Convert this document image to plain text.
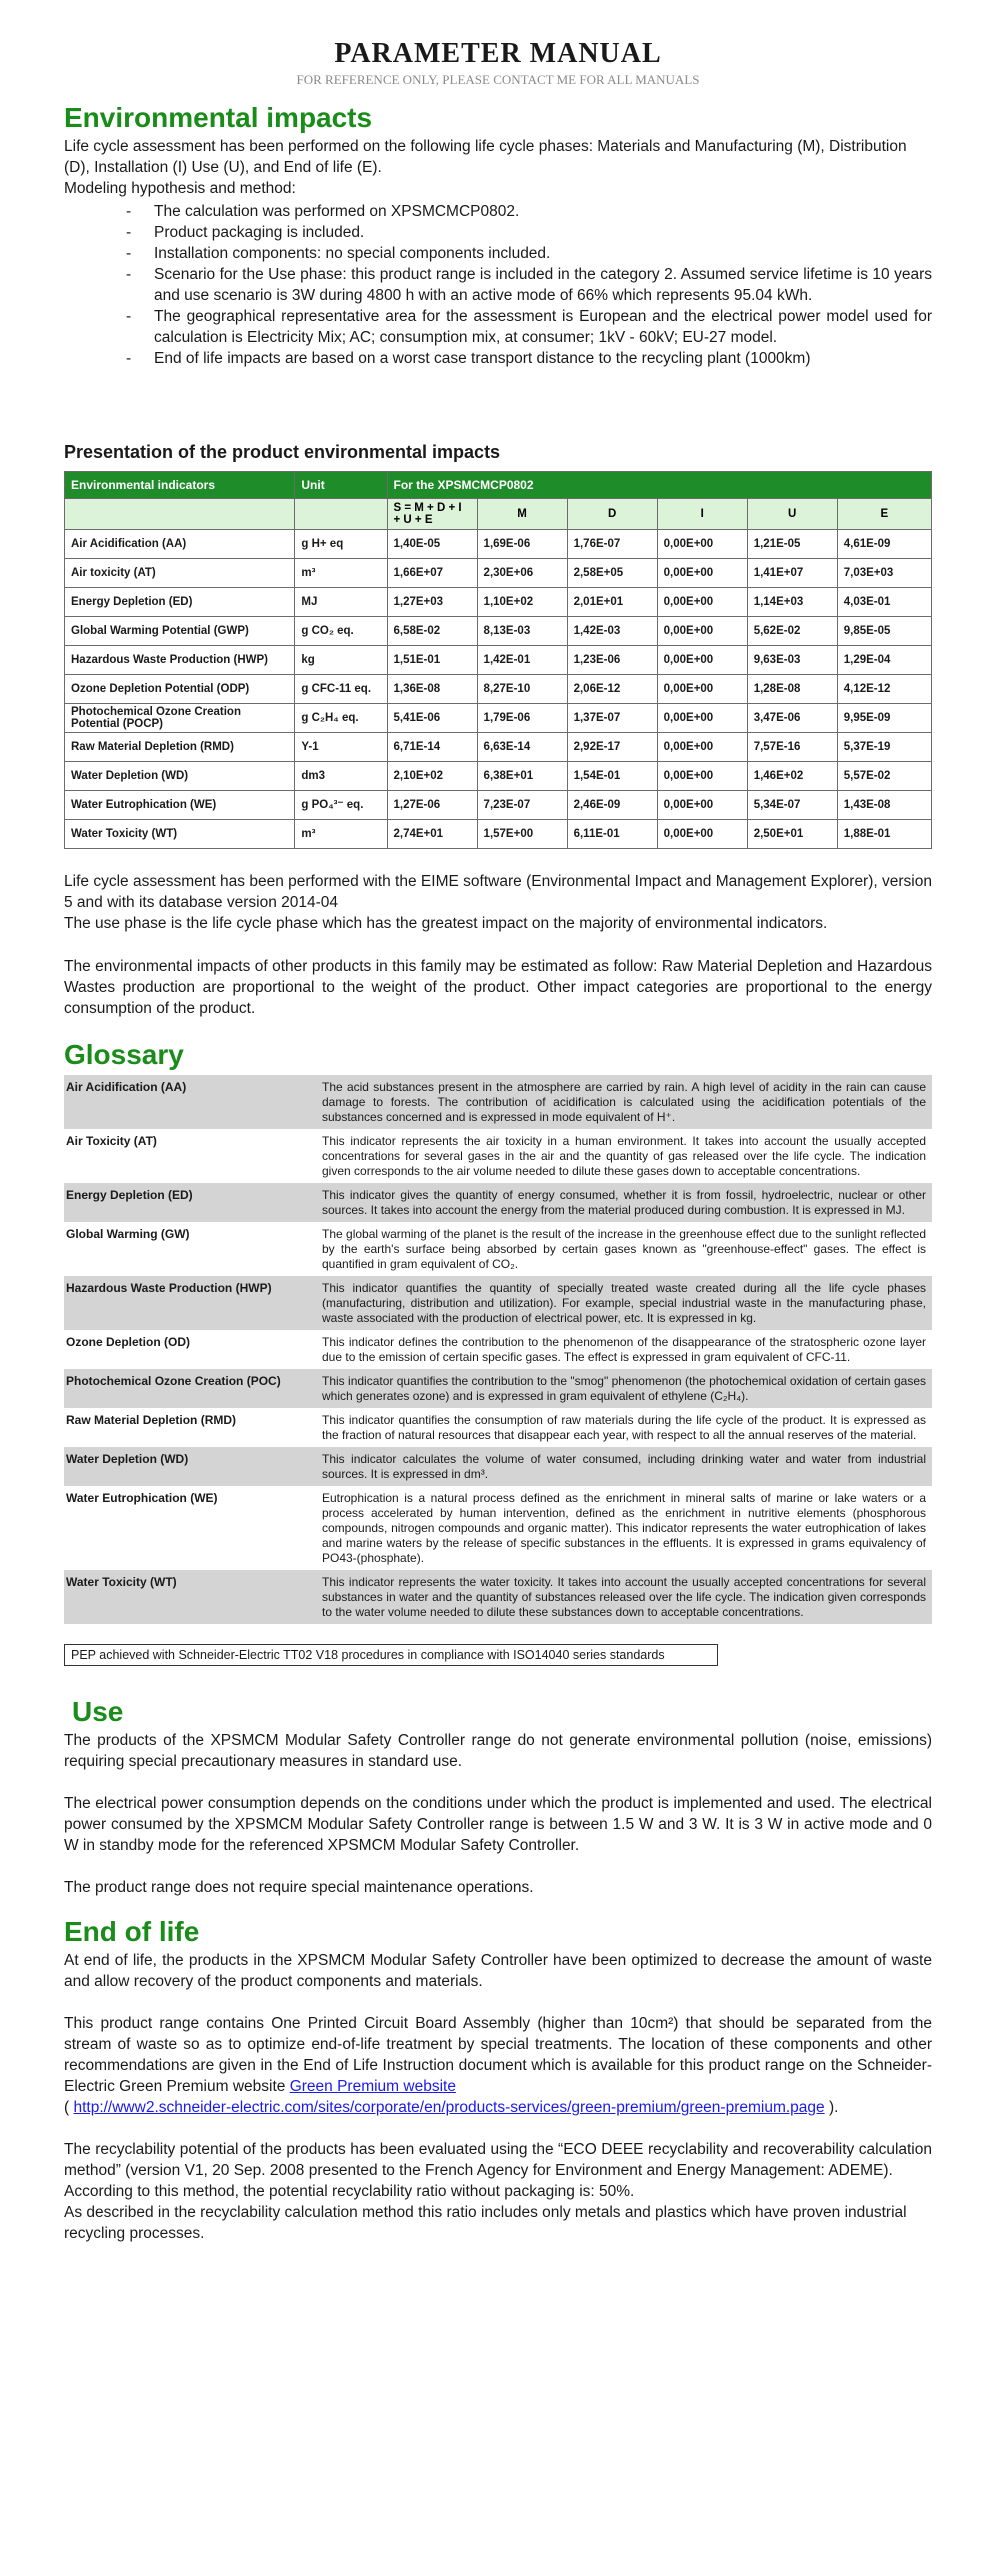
PARAMETER MANUAL
FOR REFERENCE ONLY, PLEASE CONTACT ME FOR ALL MANUALS
Environmental impacts

Life cycle assessment has been performed on the following life cycle phases: Materials and Manufacturing (M), Distribution (D), Installation (I) Use (U), and End of life (E).

Modeling hypothesis and method:

- The calculation was performed on XPSMCMCP0802.
- Product packaging is included.
- Installation components: no special components included.
- Scenario for the Use phase: this product range is included in the category 2. Assumed service lifetime is 10 years and use scenario is 3W during 4800 h with an active mode of 66% which represents 95.04 kWh.
- The geographical representative area for the assessment is European and the electrical power model used for calculation is Electricity Mix; AC; consumption mix, at consumer; 1kV - 60kV; EU-27 model.
- End of life impacts are based on a worst case transport distance to the recycling plant (1000km)
Presentation of the product environmental impacts
Environmental indicators	Unit	For the XPSMCMCP0802					
		S = M + D + I + U + E	M	D	I	U	E
Air Acidification (AA)	g H+ eq	1,40E-05	1,69E-06	1,76E-07	0,00E+00	1,21E-05	4,61E-09
Air toxicity (AT)	m³	1,66E+07	2,30E+06	2,58E+05	0,00E+00	1,41E+07	7,03E+03
Energy Depletion (ED)	MJ	1,27E+03	1,10E+02	2,01E+01	0,00E+00	1,14E+03	4,03E-01
Global Warming Potential (GWP)	g CO₂ eq.	6,58E-02	8,13E-03	1,42E-03	0,00E+00	5,62E-02	9,85E-05
Hazardous Waste Production (HWP)	kg	1,51E-01	1,42E-01	1,23E-06	0,00E+00	9,63E-03	1,29E-04
Ozone Depletion Potential (ODP)	g CFC-11 eq.	1,36E-08	8,27E-10	2,06E-12	0,00E+00	1,28E-08	4,12E-12
Photochemical Ozone Creation Potential (POCP)	g C₂H₄ eq.	5,41E-06	1,79E-06	1,37E-07	0,00E+00	3,47E-06	9,95E-09
Raw Material Depletion (RMD)	Y-1	6,71E-14	6,63E-14	2,92E-17	0,00E+00	7,57E-16	5,37E-19
Water Depletion (WD)	dm3	2,10E+02	6,38E+01	1,54E-01	0,00E+00	1,46E+02	5,57E-02
Water Eutrophication (WE)	g PO₄³⁻ eq.	1,27E-06	7,23E-07	2,46E-09	0,00E+00	5,34E-07	1,43E-08
Water Toxicity (WT)	m³	2,74E+01	1,57E+00	6,11E-01	0,00E+00	2,50E+01	1,88E-01

Life cycle assessment has been performed with the EIME software (Environmental Impact and Management Explorer), version 5 and with its database version 2014-04

The use phase is the life cycle phase which has the greatest impact on the majority of environmental indicators.

The environmental impacts of other products in this family may be estimated as follow: Raw Material Depletion and Hazardous Wastes production are proportional to the weight of the product. Other impact categories are proportional to the energy consumption of the product.

Glossary
Air Acidification (AA)	The acid substances present in the atmosphere are carried by rain. A high level of acidity in the rain can cause damage to forests. The contribution of acidification is calculated using the acidification potentials of the substances concerned and is expressed in mode equivalent of H⁺.
Air Toxicity (AT)	This indicator represents the air toxicity in a human environment. It takes into account the usually accepted concentrations for several gases in the air and the quantity of gas released over the life cycle. The indication given corresponds to the air volume needed to dilute these gases down to acceptable concentrations.
Energy Depletion (ED)	This indicator gives the quantity of energy consumed, whether it is from fossil, hydroelectric, nuclear or other sources. It takes into account the energy from the material produced during combustion. It is expressed in MJ.
Global Warming (GW)	The global warming of the planet is the result of the increase in the greenhouse effect due to the sunlight reflected by the earth's surface being absorbed by certain gases known as "greenhouse-effect" gases. The effect is quantified in gram equivalent of CO₂.
Hazardous Waste Production (HWP)	This indicator quantifies the quantity of specially treated waste created during all the life cycle phases (manufacturing, distribution and utilization). For example, special industrial waste in the manufacturing phase, waste associated with the production of electrical power, etc. It is expressed in kg.
Ozone Depletion (OD)	This indicator defines the contribution to the phenomenon of the disappearance of the stratospheric ozone layer due to the emission of certain specific gases. The effect is expressed in gram equivalent of CFC-11.
Photochemical Ozone Creation (POC)	This indicator quantifies the contribution to the "smog" phenomenon (the photochemical oxidation of certain gases which generates ozone) and is expressed in gram equivalent of ethylene (C₂H₄).
Raw Material Depletion (RMD)	This indicator quantifies the consumption of raw materials during the life cycle of the product. It is expressed as the fraction of natural resources that disappear each year, with respect to all the annual reserves of the material.
Water Depletion (WD)	This indicator calculates the volume of water consumed, including drinking water and water from industrial sources. It is expressed in dm³.
Water Eutrophication (WE)	Eutrophication is a natural process defined as the enrichment in mineral salts of marine or lake waters or a process accelerated by human intervention, defined as the enrichment in nutritive elements (phosphorous compounds, nitrogen compounds and organic matter). This indicator represents the water eutrophication of lakes and marine waters by the release of specific substances in the effluents. It is expressed in grams equivalency of PO43-(phosphate).
Water Toxicity (WT)	This indicator represents the water toxicity. It takes into account the usually accepted concentrations for several substances in water and the quantity of substances released over the life cycle. The indication given corresponds to the water volume needed to dilute these substances down to acceptable concentrations.
PEP achieved with Schneider-Electric TT02 V18 procedures in compliance with ISO14040 series standards
Use

The products of the XPSMCM Modular Safety Controller range do not generate environmental pollution (noise, emissions) requiring special precautionary measures in standard use.

The electrical power consumption depends on the conditions under which the product is implemented and used. The electrical power consumed by the XPSMCM Modular Safety Controller range is between 1.5 W and 3 W. It is 3 W in active mode and 0 W in standby mode for the referenced XPSMCM Modular Safety Controller.

The product range does not require special maintenance operations.

End of life

At end of life, the products in the XPSMCM Modular Safety Controller have been optimized to decrease the amount of waste and allow recovery of the product components and materials.

This product range contains One Printed Circuit Board Assembly (higher than 10cm²) that should be separated from the stream of waste so as to optimize end-of-life treatment by special treatments. The location of these components and other recommendations are given in the End of Life Instruction document which is available for this product range on the Schneider-Electric Green Premium website Green Premium website

( http://www2.schneider-electric.com/sites/corporate/en/products-services/green-premium/green-premium.page ).

The recyclability potential of the products has been evaluated using the “ECO DEEE recyclability and recoverability calculation method” (version V1, 20 Sep. 2008 presented to the French Agency for Environment and Energy Management: ADEME).

According to this method, the potential recyclability ratio without packaging is: 50%.

As described in the recyclability calculation method this ratio includes only metals and plastics which have proven industrial recycling processes.
